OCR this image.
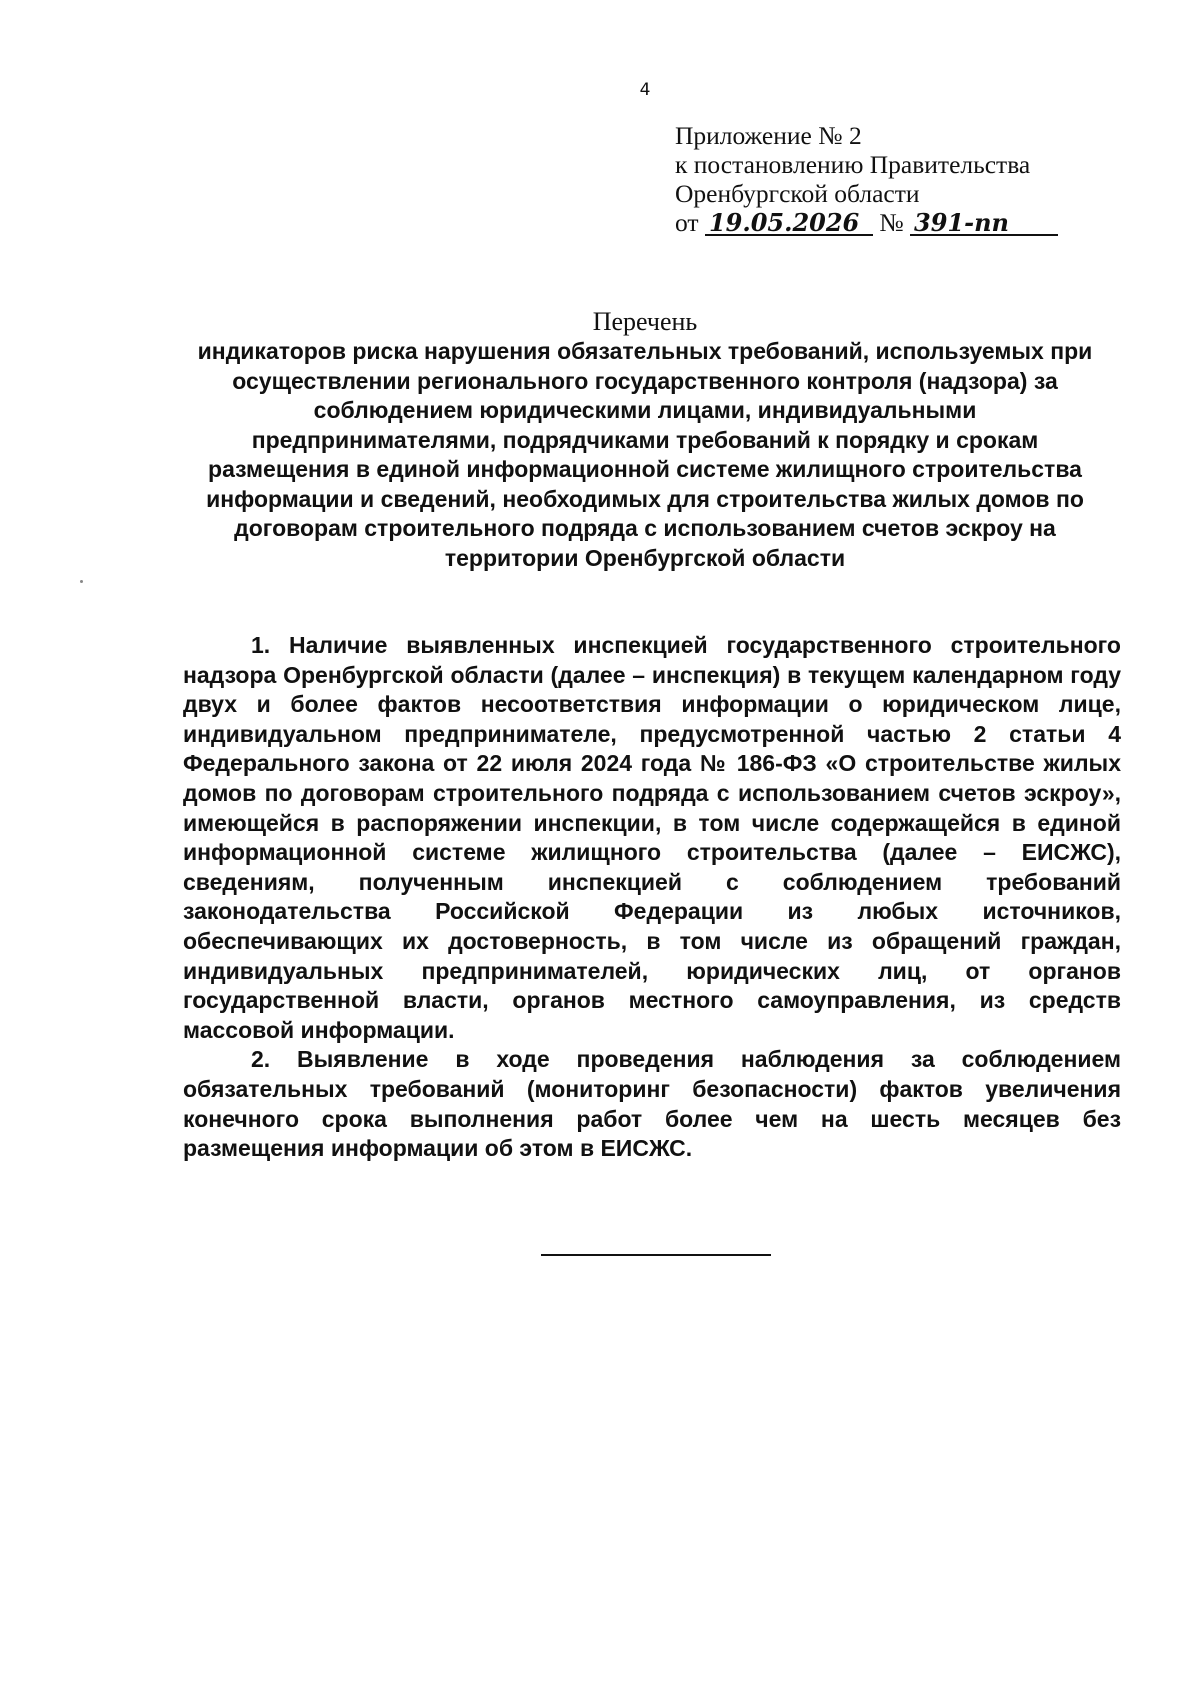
4
Приложение № 2
к постановлению Правительства
Оренбургской области
от 19.05.2026 № 391-пп
Перечень
индикаторов риска нарушения обязательных требований, используемых при
осуществлении регионального государственного контроля (надзора) за
соблюдением юридическими лицами, индивидуальными
предпринимателями, подрядчиками требований к порядку и срокам
размещения в единой информационной системе жилищного строительства
информации и сведений, необходимых для строительства жилых домов по
договорам строительного подряда с использованием счетов эскроу на
территории Оренбургской области

1. Наличие выявленных инспекцией государственного строительного надзора Оренбургской области (далее – инспекция) в текущем календарном году двух и более фактов несоответствия информации о юридическом лице, индивидуальном предпринимателе, предусмотренной частью 2 статьи 4 Федерального закона от 22 июля 2024 года № 186-ФЗ «О строительстве жилых домов по договорам строительного подряда с использованием счетов эскроу», имеющейся в распоряжении инспекции, в том числе содержащейся в единой информационной системе жилищного строительства (далее – ЕИСЖС), сведениям, полученным инспекцией с соблюдением требований законодательства Российской Федерации из любых источников, обеспечивающих их достоверность, в том числе из обращений граждан, индивидуальных предпринимателей, юридических лиц, от органов государственной власти, органов местного самоуправления, из средств массовой информации.

2. Выявление в ходе проведения наблюдения за соблюдением обязательных требований (мониторинг безопасности) фактов увеличения конечного срока выполнения работ более чем на шесть месяцев без размещения информации об этом в ЕИСЖС.
